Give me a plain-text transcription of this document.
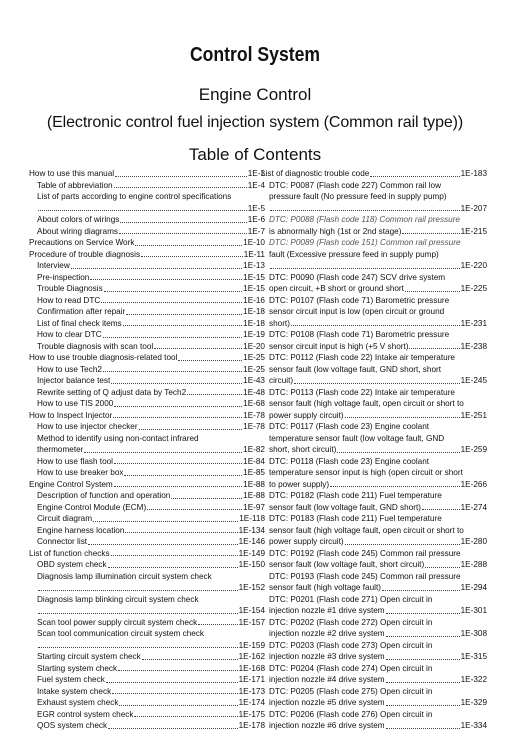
Control System
Engine Control
(Electronic control fuel injection system (Common rail type))
Table of Contents
How to use this manual	1E-3
Table of abbreviation	1E-4
List of parts according to engine control specifications
1E-5
About colors of wirings	1E-6
About wiring diagrams	1E-7
Precautions on Service Work	1E-10
Procedure of trouble diagnosis	1E-11
Interview	1E-13
Pre-inspection	1E-15
Trouble Diagnosis	1E-15
How to read DTC	1E-16
Confirmation after repair	1E-18
List of final check items	1E-18
How to clear DTC	1E-19
Trouble diagnosis with scan tool	1E-20
How to use trouble diagnosis-related tool	1E-25
How to use Tech2	1E-25
Injector balance test	1E-43
Rewrite setting of Q adjust data by Tech2	1E-48
How to use TIS 2000	1E-68
How to Inspect Injector	1E-78
How to use injector checker	1E-78
Method to identify using non-contact infrared
thermometer	1E-82
How to use flash tool	1E-84
How to use breaker box	1E-85
Engine Control System	1E-88
Description of function and operation	1E-88
Engine Control Module (ECM)	1E-97
Circuit diagram	1E-118
Engine harness location	1E-134
Connector list	1E-146
List of function checks	1E-149
OBD system check	1E-150
Diagnosis lamp illumination circuit system check
1E-152
Diagnosis lamp blinking circuit system check
1E-154
Scan tool power supply circuit system check	1E-157
Scan tool communication circuit system check
1E-159
Starting circuit system check	1E-162
Starting system check	1E-168
Fuel system check	1E-171
Intake system check	1E-173
Exhaust system check	1E-174
EGR control system check	1E-175
QOS system check	1E-178
List of diagnostic trouble code	1E-183
DTC: P0087 (Flash code 227) Common rail low
pressure fault (No pressure feed in supply pump)
1E-207
DTC: P0088 (Flash code 118) Common rail pressure
is abnormally high (1st or 2nd stage)	1E-215
DTC: P0089 (Flash code 151) Common rail pressure
fault (Excessive pressure feed in supply pump)
1E-220
DTC: P0090 (Flash code 247) SCV drive system
open circuit, +B short or ground short	1E-225
DTC: P0107 (Flash code 71) Barometric pressure
sensor circuit input is low (open circuit or ground
short)	1E-231
DTC: P0108 (Flash code 71) Barometric pressure
sensor circuit input is high (+5 V short)	1E-238
DTC: P0112 (Flash code 22) Intake air temperature
sensor fault (low voltage fault, GND short, short
circuit)	1E-245
DTC: P0113 (Flash code 22) Intake air temperature
sensor fault (high voltage fault, open circuit or short to
power supply circuit)	1E-251
DTC: P0117 (Flash code 23) Engine coolant
temperature sensor fault (low voltage fault, GND
short, short circuit)	1E-259
DTC: P0118 (Flash code 23) Engine coolant
temperature sensor input is high (open circuit or short
to power supply)	1E-266
DTC: P0182 (Flash code 211) Fuel temperature
sensor fault (low voltage fault, GND short)	1E-274
DTC: P0183 (Flash code 211) Fuel temperature
sensor fault (high voltage fault, open circuit or short to
power supply circuit)	1E-280
DTC: P0192 (Flash code 245) Common rail pressure
sensor fault (low voltage fault, short circuit)	1E-288
DTC: P0193 (Flash code 245) Common rail pressure
sensor fault (high voltage fault)	1E-294
DTC: P0201 (Flash code 271) Open circuit in
injection nozzle #1 drive system	1E-301
DTC: P0202 (Flash code 272) Open circuit in
injection nozzle #2 drive system	1E-308
DTC: P0203 (Flash code 273) Open circuit in
injection nozzle #3 drive system	1E-315
DTC: P0204 (Flash code 274) Open circuit in
injection nozzle #4 drive system	1E-322
DTC: P0205 (Flash code 275) Open circuit in
injection nozzle #5 drive system	1E-329
DTC: P0206 (Flash code 276) Open circuit in
injection nozzle #6 drive system	1E-334
